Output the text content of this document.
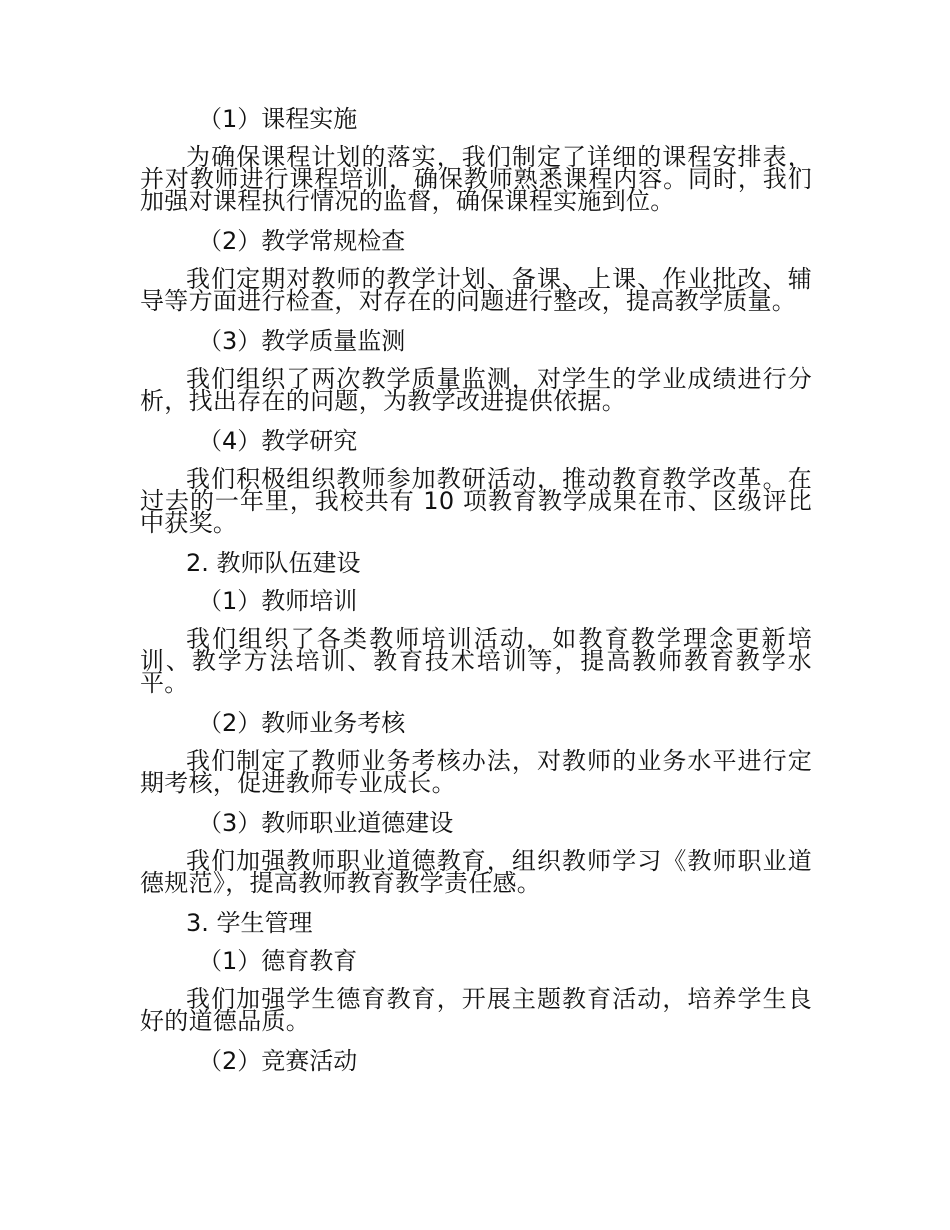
（1）课程实施
为确保课程计划的落实，我们制定了详细的课程安排表，并对教师进行课程培训，确保教师熟悉课程内容。同时，我们加强对课程执行情况的监督，确保课程实施到位。
（2）教学常规检查
我们定期对教师的教学计划、备课、上课、作业批改、辅导等方面进行检查，对存在的问题进行整改，提高教学质量。
（3）教学质量监测
我们组织了两次教学质量监测，对学生的学业成绩进行分析，找出存在的问题，为教学改进提供依据。
（4）教学研究
我们积极组织教师参加教研活动，推动教育教学改革。在过去的一年里，我校共有 10 项教育教学成果在市、区级评比中获奖。
2. 教师队伍建设
（1）教师培训
我们组织了各类教师培训活动，如教育教学理念更新培训、教学方法培训、教育技术培训等，提高教师教育教学水平。
（2）教师业务考核
我们制定了教师业务考核办法，对教师的业务水平进行定期考核，促进教师专业成长。
（3）教师职业道德建设
我们加强教师职业道德教育，组织教师学习《教师职业道德规范》，提高教师教育教学责任感。
3. 学生管理
（1）德育教育
我们加强学生德育教育，开展主题教育活动，培养学生良好的道德品质。
（2）竞赛活动
